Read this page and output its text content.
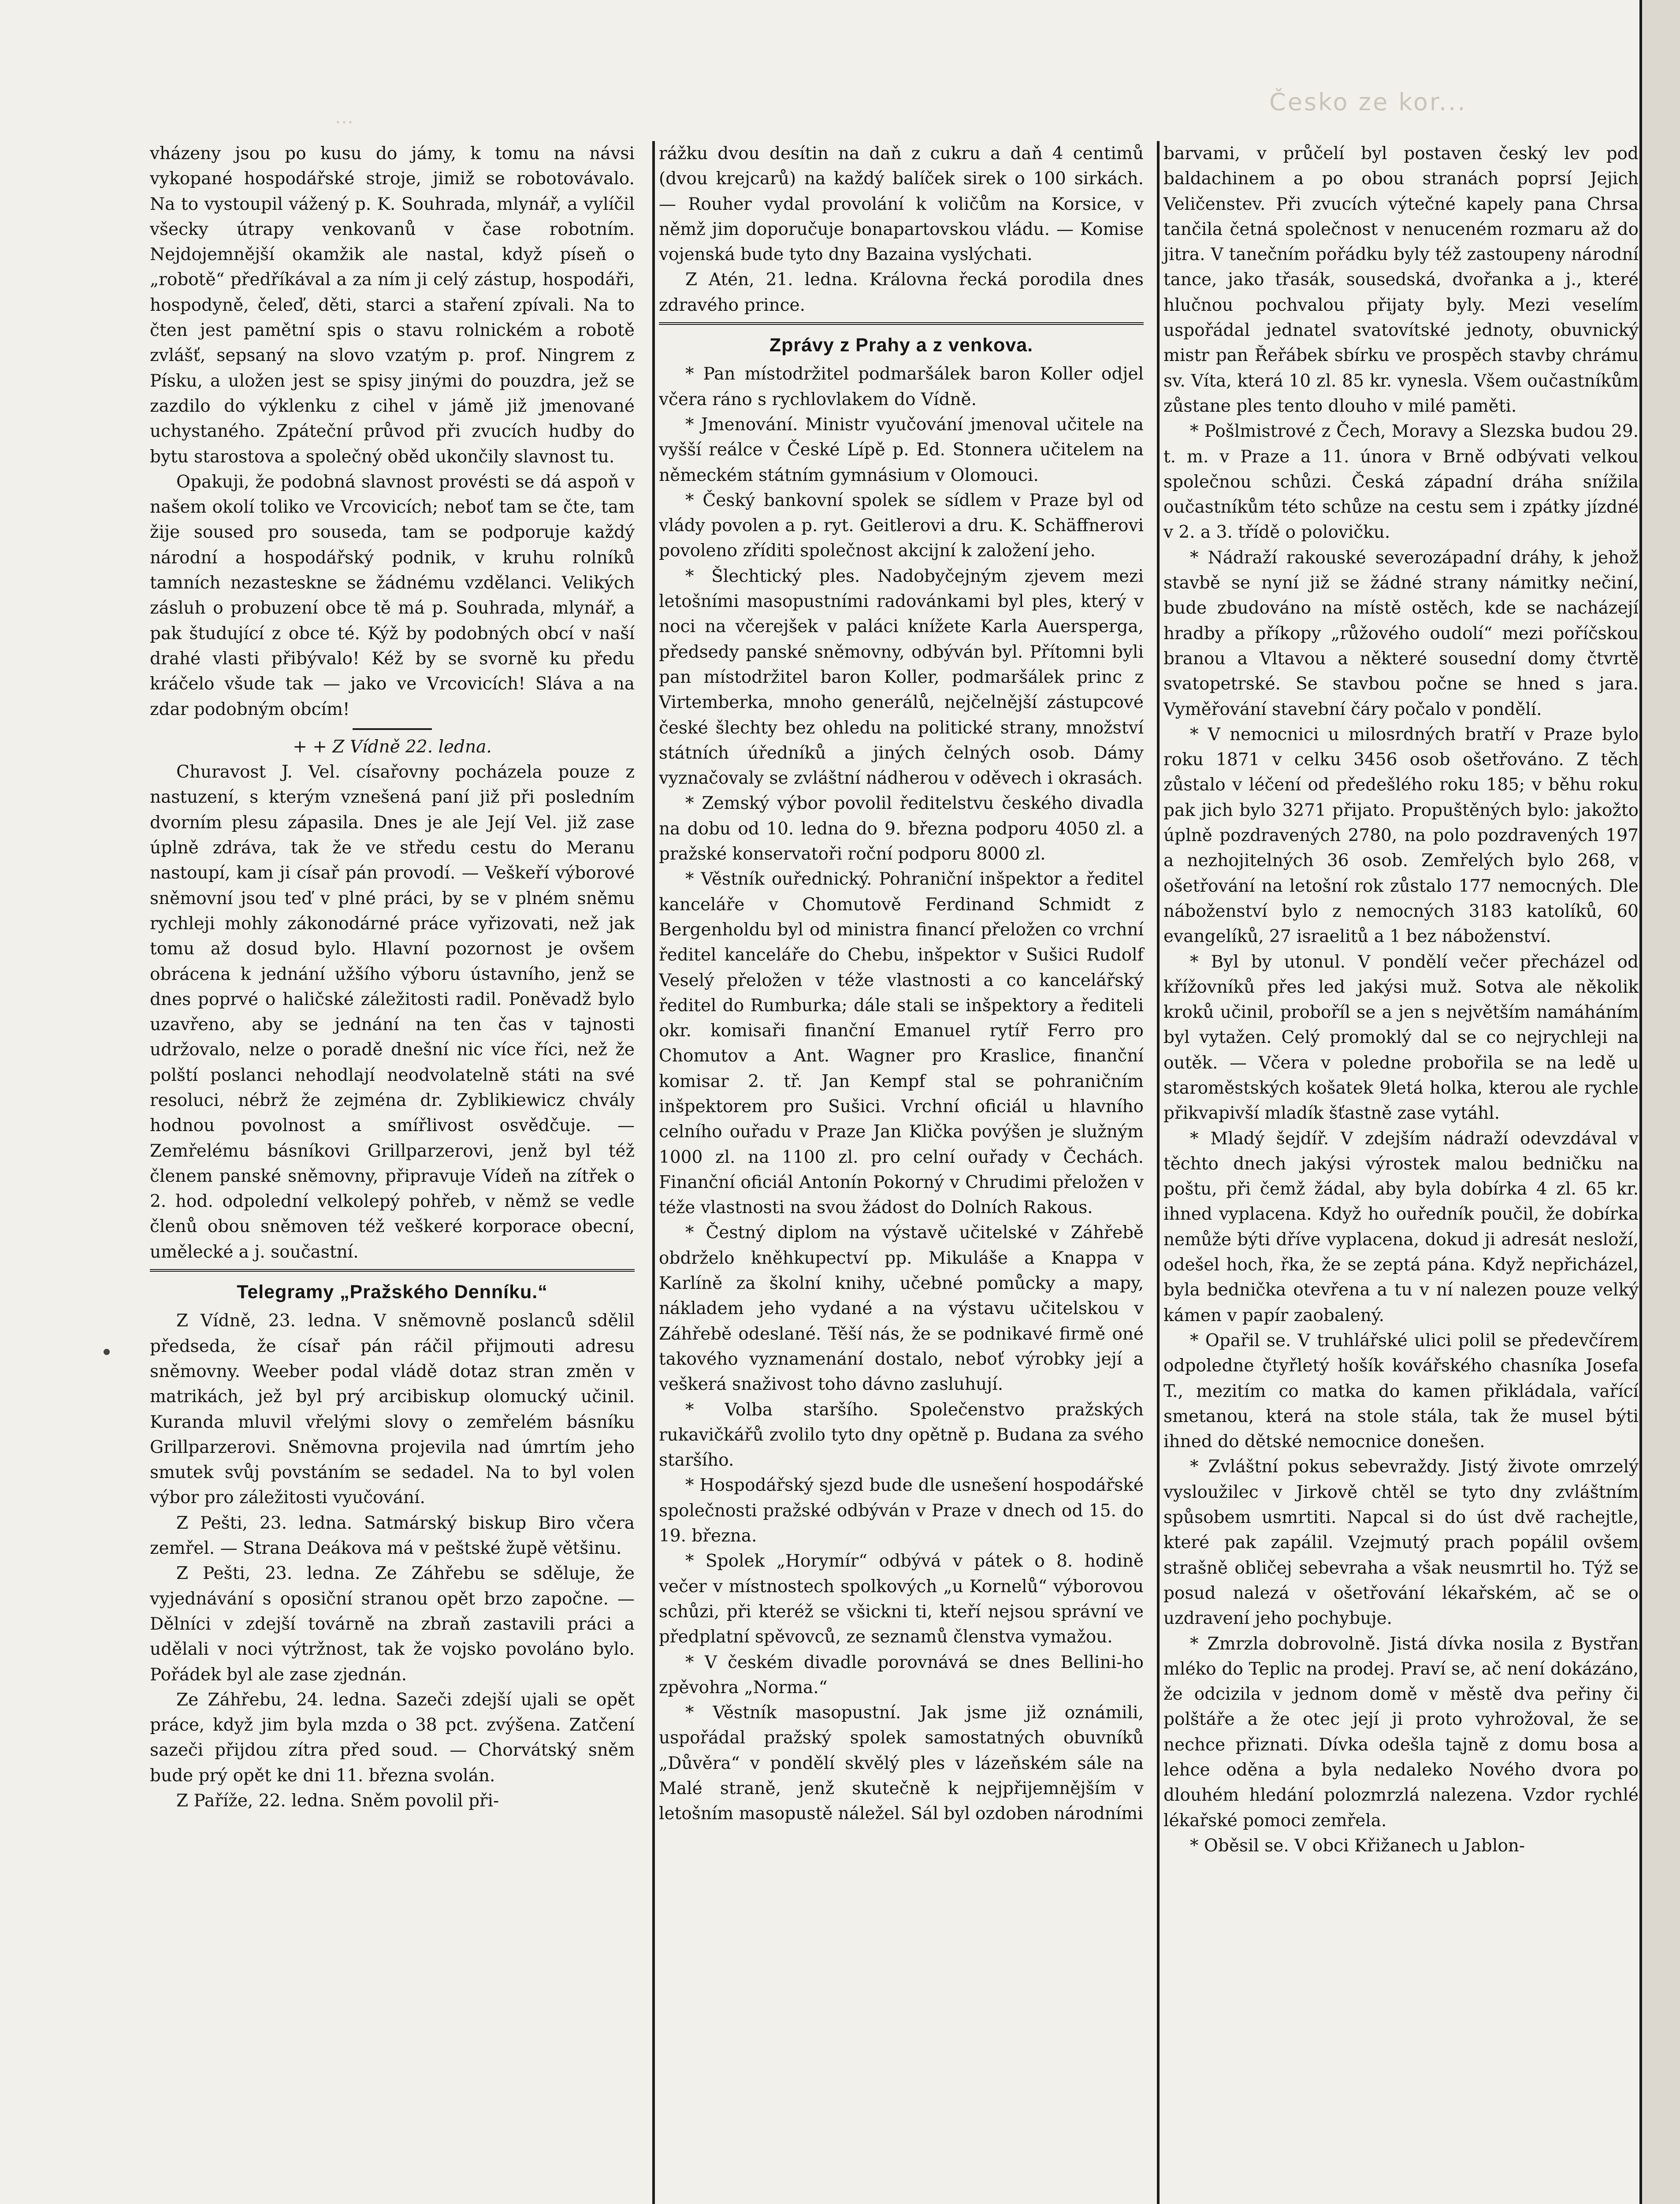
Česko ze kor...
...

vházeny jsou po kusu do jámy, k tomu na návsi vykopané hospodářské stroje, jimiž se robotovávalo. Na to vystoupil vážený p. K. Souhrada, mlynář, a vylíčil všecky útrapy venkovanů v čase robotním. Nejdojemnější okamžik ale nastal, když píseň o „robotě“ předříkával a za ním ji celý zástup, hospodáři, hospodyně, čeleď, děti, starci a staření zpívali. Na to čten jest pamětní spis o stavu rolnickém a robotě zvlášť, sepsaný na slovo vzatým p. prof. Ningrem z Písku, a uložen jest se spisy jinými do pouzdra, jež se zazdilo do výklenku z cihel v jámě již jmenované uchystaného. Zpáteční průvod při zvucích hudby do bytu starostova a společný oběd ukončily slavnost tu.

Opakuji, že podobná slavnost provésti se dá aspoň v našem okolí toliko ve Vrcovicích; neboť tam se čte, tam žije soused pro souseda, tam se podporuje každý národní a hospodářský podnik, v kruhu rolníků tamních nezastesknе se žádnému vzdělanci. Velikých zásluh o probuzení obce tě má p. Souhrada, mlynář, a pak študující z obce té. Kýž by podobných obcí v naší drahé vlasti přibývalo! Kéž by se svorně ku předu kráčelo všude tak — jako ve Vrcovicích! Sláva a na zdar podobným obcím!

+ + Z Vídně 22. ledna.

Churavost J. Vel. císařovny pocházela pouze z nastuzení, s kterým vznešená paní již při posledním dvorním plesu zápasila. Dnes je ale Její Vel. již zase úplně zdráva, tak že ve středu cestu do Meranu nastoupí, kam ji císař pán provodí. — Veškeří výborové sněmovní jsou teď v plné práci, by se v plném sněmu rychleji mohly zákonodárné práce vyřizovati, než jak tomu až dosud bylo. Hlavní pozornost je ovšem obrácena k jednání užšího výboru ústavního, jenž se dnes poprvé o haličské záležitosti radil. Poněvadž bylo uzavřeno, aby se jednání na ten čas v tajnosti udržovalo, nelze o poradě dnešní nic více říci, než že polští poslanci nehodlají neodvolatelně státi na své resoluci, nébrž že zejména dr. Zyblikiewicz chvály hodnou povolnost a smířlivost osvědčuje. — Zemřelému básníkovi Grillparzerovi, jenž byl též členem panské sněmovny, připravuje Vídeň na zítřek o 2. hod. odpolední velkolepý pohřeb, v němž se vedle členů obou sněmoven též veškeré korporace obecní, umělecké a j. součastní.

Telegramy „Pražského Denníku.“

Z Vídně, 23. ledna. V sněmovně poslanců sdělil předseda, že císař pán ráčil přijmouti adresu sněmovny. Weeber podal vládě dotaz stran změn v matrikách, jež byl prý arcibiskup olomucký učinil. Kuranda mluvil vřelými slovy o zemřelém básníku Grillparzerovi. Sněmovna projevila nad úmrtím jeho smutek svůj povstáním se sedadel. Na to byl volen výbor pro záležitosti vyučování.

Z Pešti, 23. ledna. Satmárský biskup Biro včera zemřel. — Strana Deákova má v peštské župě většinu.

Z Pešti, 23. ledna. Ze Záhřebu se sděluje, že vyjednávání s oposiční stranou opět brzo započne. — Dělníci v zdejší továrně na zbraň zastavili práci a udělali v noci výtržnost, tak že vojsko povoláno bylo. Pořádek byl ale zase zjednán.

Ze Záhřebu, 24. ledna. Sazeči zdejší ujali se opět práce, když jim byla mzda o 38 pct. zvýšena. Zatčení sazeči přijdou zítra před soud. — Chorvátský sněm bude prý opět ke dni 11. března svolán.

Z Paříže, 22. ledna. Sněm povolil při-

rážku dvou desítin na daň z cukru a daň 4 centimů (dvou krejcarů) na každý balíček sirek o 100 sirkách. — Rouher vydal provolání k voličům na Korsice, v němž jim doporučuje bonapartovskou vládu. — Komise vojenská bude tyto dny Bazaina vyslýchati.

Z Atén, 21. ledna. Královna řecká porodila dnes zdravého prince.

Zprávy z Prahy a z venkova.

* Pan místodržitel podmaršálek baron Koller odjel včera ráno s rychlovlakem do Vídně.

* Jmenování. Ministr vyučování jmenoval učitele na vyšší reálce v České Lípě p. Ed. Stonnera učitelem na německém státním gymnásium v Olomouci.

* Český bankovní spolek se sídlem v Praze byl od vlády povolen a p. ryt. Geitlerovi a dru. K. Schäffnerovi povoleno zříditi společnost akciјní k založení jeho.

* Šlechtický ples. Nadobyčejným zjevem mezi letošními masopustními radovánkami byl ples, který v noci na včerejšek v paláci knížete Karla Auersperga, předsedy panské sněmovny, odbýván byl. Přítomni byli pan místodržitel baron Koller, podmaršálek princ z Virtemberka, mnoho generálů, nejčelnější zástupcové české šlechty bez ohledu na politické strany, množství státních úředníků a jiných čelných osob. Dámy vyznačovaly se zvláštní nádherou v oděvech i okrasách.

* Zemský výbor povolil ředitelstvu českého divadla na dobu od 10. ledna do 9. března podporu 4050 zl. a pražské konservatoři roční podporu 8000 zl.

* Věstník ouřednický. Pohraniční inšpektor a ředitel kanceláře v Chomutově Ferdinand Schmidt z Bergenholdu byl od ministra financí přeložen co vrchní ředitel kanceláře do Chebu, inšpektor v Sušici Rudolf Veselý přeložen v téže vlastnosti a co kancelářský ředitel do Rumburka; dále stali se inšpektory a řediteli okr. komisaři finanční Emanuel rytíř Ferro pro Chomutov a Ant. Wagner pro Kraslice, finanční komisar 2. tř. Jan Kempf stal se pohraničním inšpektorem pro Sušici. Vrchní oficiál u hlavního celního ouřadu v Praze Jan Klička povýšen je služným 1000 zl. na 1100 zl. pro celní ouřady v Čechách. Finanční oficiál Antonín Pokorný v Chrudimi přeložen v téže vlastnosti na svou žádost do Dolních Rakous.

* Čestný diplom na výstavě učitelské v Záhřebě obdrželo kněhkupectví pp. Mikuláše a Knappa v Karlíně za školní knihy, učebné pomůcky a mapy, nákladem jeho vydané a na výstavu učitelskou v Záhřebě odeslané. Těší nás, že se podnikavé firmě oné takového vyznamenání dostalo, neboť výrobky její a veškerá snaživost toho dávno zasluhují.

* Volba staršího. Společenstvo pražských rukavičkářů zvolilo tyto dny opětně p. Budana za svého staršího.

* Hospodářský sjezd bude dle usnešení hospodářské společnosti pražské odbýván v Praze v dnech od 15. do 19. března.

* Spolek „Horymír“ odbývá v pátek o 8. hodině večer v místnostech spolkových „u Kornelů“ výborovou schůzi, při kteréž se všickni ti, kteří nejsou správní ve předplatní spěvovců, ze seznamů členstva vymažou.

* V českém divadle porovnává se dnes Bellini-ho zpěvohra „Norma.“

* Věstník masopustní. Jak jsme již oznámili, uspořádal pražský spolek samostatných obuvníků „Důvěra“ v pondělí skvělý ples v lázeňském sále na Malé straně, jenž skutečně k nejpřijemnějším v letošním masopustě náležel. Sál byl ozdoben národními

barvami, v průčelí byl postaven český lev pod baldachinem a po obou stranách poprsí Jejich Veličenstev. Při zvucích výtečné kapely pana Chrsa tančila četná společnost v nenuceném rozmaru až do jitra. V tanečním pořádku byly též zastoupeny národní tance, jako třasák, sousedská, dvořanka a j., které hlučnou pochvalou přijaty byly. Mezi veselím uspořádal jednatel svatovítské jednoty, obuvnický mistr pan Řeřábek sbírku ve prospěch stavby chrámu sv. Víta, která 10 zl. 85 kr. vynesla. Všem oučastníkům zůstane ples tento dlouho v milé paměti.

* Pošlmistrové z Čech, Moravy a Slezska budou 29. t. m. v Praze a 11. února v Brně odbývati velkou společnou schůzi. Česká západní dráha snížila oučastníkům této schůze na cestu sem i zpátky jízdné v 2. a 3. třídě o polovičku.

* Nádraží rakouské severozápadní dráhy, k jehož stavbě se nyní již se žádné strany námitky nečiní, bude zbudováno na místě ostěch, kde se nacházejí hradby a příkopy „růžového oudolí“ mezi poříčskou branou a Vltavou a některé sousední domy čtvrtě svatopetrské. Se stavbou počne se hned s jara. Vyměřování stavební čáry počalo v pondělí.

* V nemocnici u milosrdných bratří v Praze bylo roku 1871 v celku 3456 osob ošetřováno. Z těch zůstalo v léčení od předešlého roku 185; v běhu roku pak jich bylo 3271 přijato. Propuštěných bylo: jakožto úplně pozdravených 2780, na polo pozdravených 197 a nezhojitelných 36 osob. Zemřelých bylo 268, v ošetřování na letošní rok zůstalo 177 nemocných. Dle náboženství bylo z nemocných 3183 katolíků, 60 evangelíků, 27 israelitů a 1 bez náboženství.

* Byl by utonul. V pondělí večer přecházel od křížovníků přes led jakýsi muž. Sotva ale několik kroků učinil, proboříl se a jen s největším namáháním byl vytažen. Celý promoklý dal se co nejrychleji na outěk. — Včera v poledne probořila se na ledě u staroměstských košatek 9letá holka, kterou ale rychle přikvapivší mladík šťastně zase vytáhl.

* Mladý šejdíř. V zdejším nádraží odevzdával v těchto dnech jakýsi výrostek malou bedničku na poštu, při čemž žádal, aby byla dobírka 4 zl. 65 kr. ihned vyplacena. Když ho ouředník poučil, že dobírka nemůže býti dříve vyplacena, dokud ji adresát nesloží, odešel hoch, řka, že se zeptá pána. Když nepřicházel, byla bednička otevřena a tu v ní nalezen pouze velký kámen v papír zaobalený.

* Opařil se. V truhlářské ulici polil se předevčírem odpoledne čtyřletý hošík kovářského chasníka Josefa T., mezitím co matka do kamen přikládala, vařící smetanou, která na stole stála, tak že musel býti ihned do dětské nemocnice donešen.

* Zvláštní pokus sebevraždy. Jistý živote omrzelý vysloužilec v Jirkově chtěl se tyto dny zvláštním spůsobem usmrtiti. Napcal si do úst dvě rachejtle, které pak zapálil. Vzejmutý prach popálil ovšem strašně obličej sebevraha a však neusmrtil ho. Týž se posud nalezá v ošetřování lékařském, ač se o uzdravení jeho pochybuje.

* Zmrzla dobrovolně. Jistá dívka nosila z Bystřan mléko do Teplic na prodej. Praví se, ač není dokázáno, že odcizila v jednom domě v městě dva peřiny či polštáře a že otec její ji proto vyhrožoval, že se nechce přiznati. Dívka odešla tajně z domu bosa a lehce oděna a byla nedaleko Nového dvora po dlouhém hledání polozmrzlá nalezena. Vzdor rychlé lékařské pomoci zemřela.

* Oběsil se. V obci Křižanech u Jablon-
